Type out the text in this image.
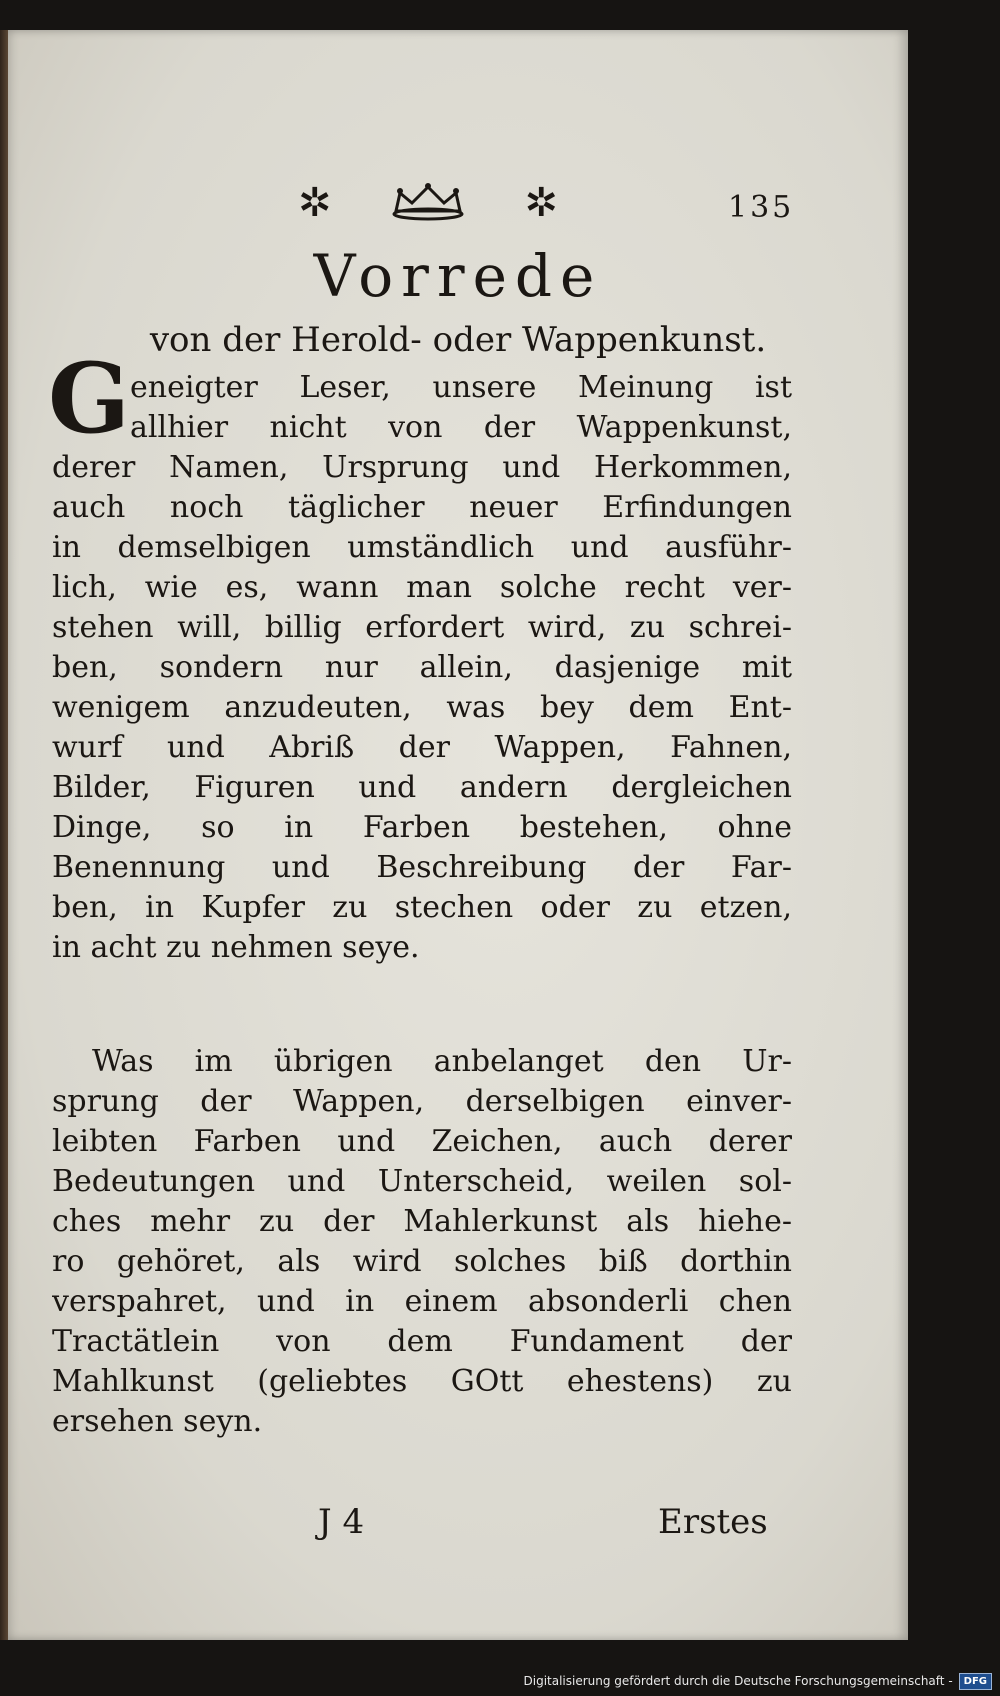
✲	✲	135
Vorrede
von der Herold- oder Wappenkunst.
G eneigter Leser, unsere Meinung ist
allhier nicht von der Wappenkunst,
derer Namen, Ursprung und Herkommen,
auch noch täglicher neuer Erfindungen
in demselbigen umständlich und ausführ-
lich, wie es, wann man solche recht ver-
stehen will, billig erfordert wird, zu schrei-
ben, sondern nur allein, dasjenige mit
wenigem anzudeuten, was bey dem Ent-
wurf und Abriß der Wappen, Fahnen,
Bilder, Figuren und andern dergleichen
Dinge, so in Farben bestehen, ohne
Benennung und Beschreibung der Far-
ben, in Kupfer zu stechen oder zu etzen,
in acht zu nehmen seye.
Was im übrigen anbelanget den Ur-
sprung der Wappen, derselbigen einver-
leibten Farben und Zeichen, auch derer
Bedeutungen und Unterscheid, weilen sol-
ches mehr zu der Mahlerkunst als hiehe-
ro gehöret, als wird solches biß dorthin
verspahret, und in einem absonderli chen
Tractätlein von dem Fundament der
Mahlkunst (geliebtes GOtt ehestens) zu
ersehen seyn.
J 4	Erstes
Digitalisierung gefördert durch die Deutsche Forschungsgemeinschaft -	DFG
